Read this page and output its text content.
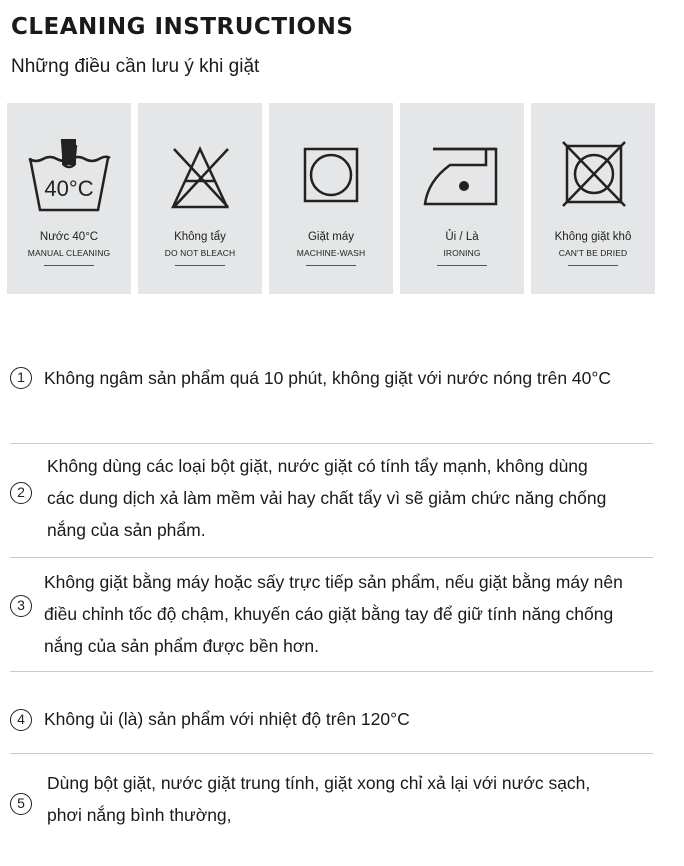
CLEANING INSTRUCTIONS
Những điều cần lưu ý khi giặt
40°C
Nước 40°C
MANUAL CLEANING
Không tẩy
DO NOT BLEACH
Giặt máy
MACHINE-WASH
Ủi / Là
IRONING
Không giặt khô
CAN'T BE DRIED
1	Không ngâm sản phẩm quá 10 phút, không giặt với nước nóng trên 40°C
2
Không dùng các loại bột giặt, nước giặt có tính tẩy mạnh, không dùng
các dung dịch xả làm mềm vải hay chất tẩy vì sẽ giảm chức năng chống
nắng của sản phẩm.
3
Không giặt bằng máy hoặc sấy trực tiếp sản phẩm, nếu giặt bằng máy nên
điều chỉnh tốc độ chậm, khuyến cáo giặt bằng tay để giữ tính năng chống
nắng của sản phẩm được bền hơn.
4	Không ủi (là) sản phẩm với nhiệt độ trên 120°C
5
Dùng bột giặt, nước giặt trung tính, giặt xong chỉ xả lại với nước sạch,
phơi nắng bình thường,
